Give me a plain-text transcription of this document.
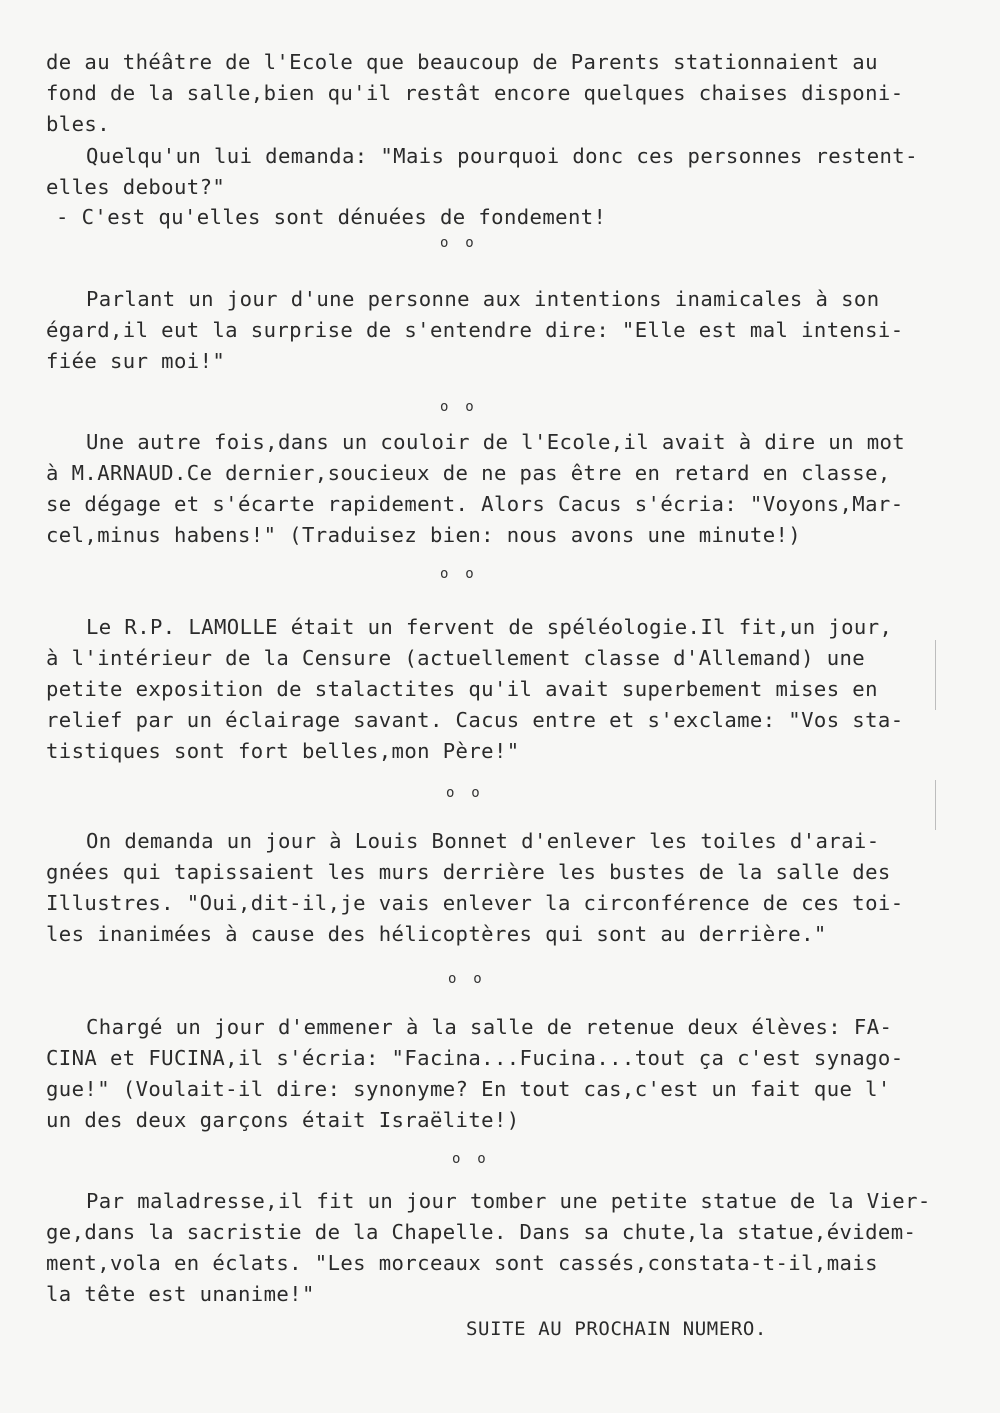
de au théâtre de l'Ecole que beaucoup de Parents stationnaient au
fond de la salle,bien qu'il restât encore quelques chaises disponi-
bles.
Quelqu'un lui demanda: "Mais pourquoi donc ces personnes restent-
elles debout?"
- C'est qu'elles sont dénuées de fondement!
o  o
Parlant un jour d'une personne aux intentions inamicales à son
égard,il eut la surprise de s'entendre dire: "Elle est mal intensi-
fiée sur moi!"
o  o
Une autre fois,dans un couloir de l'Ecole,il avait à dire un mot
à M.ARNAUD.Ce dernier,soucieux de ne pas être en retard en classe,
se dégage et s'écarte rapidement. Alors Cacus s'écria: "Voyons,Mar-
cel,minus habens!" (Traduisez bien: nous avons une minute!)
o  o
Le R.P. LAMOLLE était un fervent de spéléologie.Il fit,un jour,
à l'intérieur de la Censure (actuellement classe d'Allemand) une
petite exposition de stalactites qu'il avait superbement mises en
relief par un éclairage savant. Cacus entre et s'exclame: "Vos sta-
tistiques sont fort belles,mon Père!"
o  o
On demanda un jour à Louis Bonnet d'enlever les toiles d'arai-
gnées qui tapissaient les murs derrière les bustes de la salle des
Illustres. "Oui,dit-il,je vais enlever la circonférence de ces toi-
les inanimées à cause des hélicoptères qui sont au derrière."
o  o
Chargé un jour d'emmener à la salle de retenue deux élèves: FA-
CINA et FUCINA,il s'écria: "Facina...Fucina...tout ça c'est synago-
gue!" (Voulait-il dire: synonyme? En tout cas,c'est un fait que l'
un des deux garçons était Israëlite!)
o  o
Par maladresse,il fit un jour tomber une petite statue de la Vier-
ge,dans la sacristie de la Chapelle. Dans sa chute,la statue,évidem-
ment,vola en éclats. "Les morceaux sont cassés,constata-t-il,mais
la tête est unanime!"
SUITE AU PROCHAIN NUMERO.
